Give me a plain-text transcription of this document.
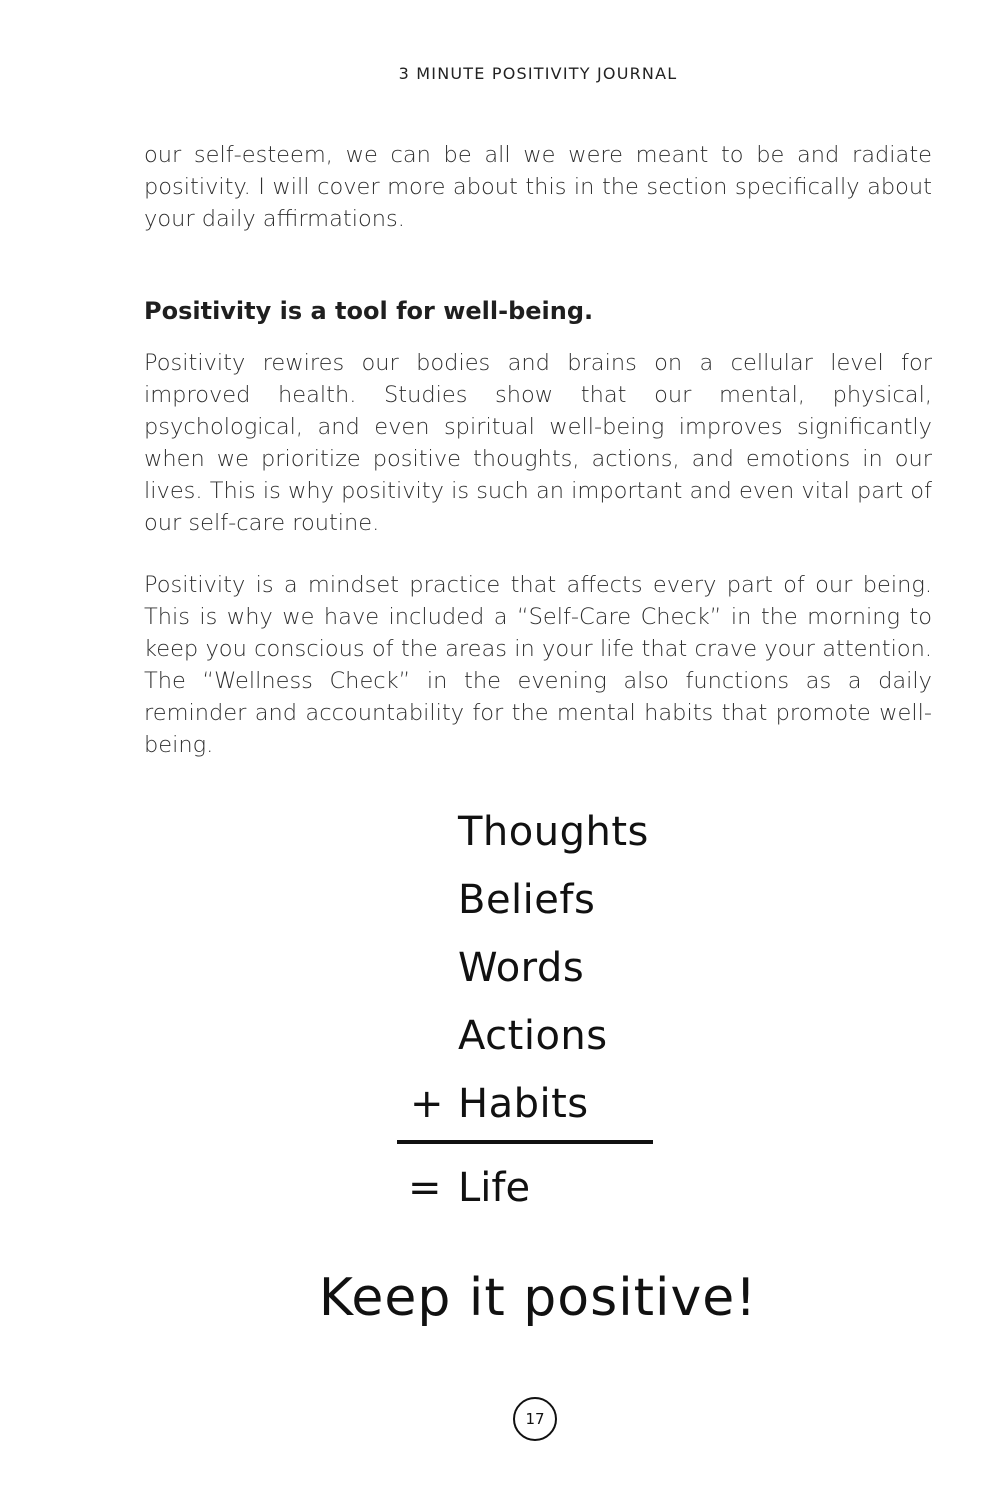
3 MINUTE POSITIVITY JOURNAL

our self-esteem, we can be all we were meant to be and radiate positivity. I will cover more about this in the section specifically about your daily affirmations.

Positivity is a tool for well-being.

Positivity rewires our bodies and brains on a cellular level for improved health. Studies show that our mental, physical, psychological, and even spiritual well-being improves significantly when we prioritize positive thoughts, actions, and emotions in our lives. This is why positivity is such an important and even vital part of our self-care routine.

Positivity is a mindset practice that affects every part of our being. This is why we have included a “Self-Care Check” in the morning to keep you conscious of the areas in your life that crave your attention. The “Wellness Check” in the evening also functions as a daily reminder and accountability for the mental habits that promote well-being.

Thoughts
Beliefs
Words
Actions
+ Habits
= Life
Keep it positive!
17
